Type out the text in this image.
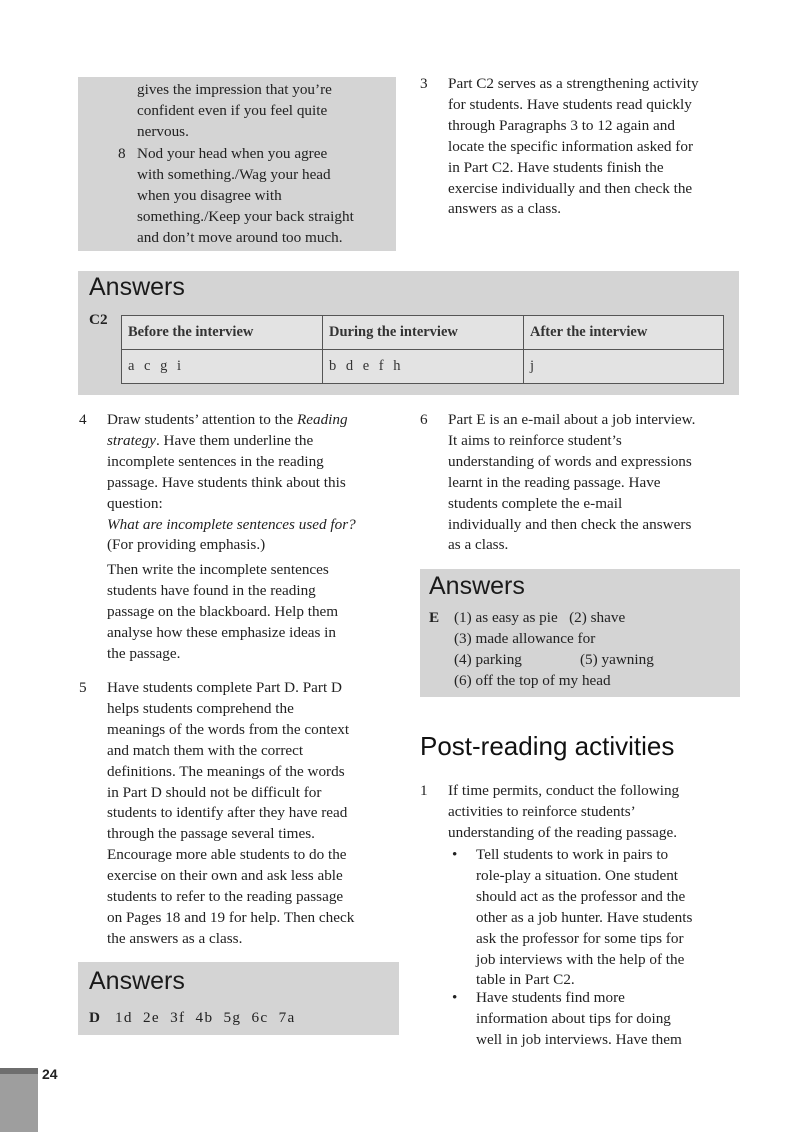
gives the impression that you’re

confident even if you feel quite

nervous.

8 Nod your head when you agree

with something./Wag your head

when you disagree with

something./Keep your back straight

and don’t move around too much.

3 Part C2 serves as a strengthening activity

for students. Have students read quickly

through Paragraphs 3 to 12 again and

locate the specific information asked for

in Part C2. Have students finish the

exercise individually and then check the

answers as a class.

Answers
C2
Before the interview	During the interview	After the interview
a c g i	b d e f h	j
4 Draw students’ attention to the Reading

strategy. Have them underline the

incomplete sentences in the reading

passage. Have students think about this

question:

What are incomplete sentences used for?

(For providing emphasis.)

Then write the incomplete sentences

students have found in the reading

passage on the blackboard. Help them

analyse how these emphasize ideas in

the passage.

5 Have students complete Part D. Part D

helps students comprehend the

meanings of the words from the context

and match them with the correct

definitions. The meanings of the words

in Part D should not be difficult for

students to identify after they have read

through the passage several times.

Encourage more able students to do the

exercise on their own and ask less able

students to refer to the reading passage

on Pages 18 and 19 for help. Then check

the answers as a class.

Answers
D 1d  2e  3f  4b  5g  6c  7a
6 Part E is an e-mail about a job interview.

It aims to reinforce student’s

understanding of words and expressions

learnt in the reading passage. Have

students complete the e-mail

individually and then check the answers

as a class.

Answers
E (1) as easy as pie   (2) shave

(3) made allowance for

(4) parking	(5) yawning

(6) off the top of my head

Post-reading activities
1 If time permits, conduct the following

activities to reinforce students’

understanding of the reading passage.

• Tell students to work in pairs to

role-play a situation. One student

should act as the professor and the

other as a job hunter. Have students

ask the professor for some tips for

job interviews with the help of the

table in Part C2.

• Have students find more

information about tips for doing

well in job interviews. Have them

24
